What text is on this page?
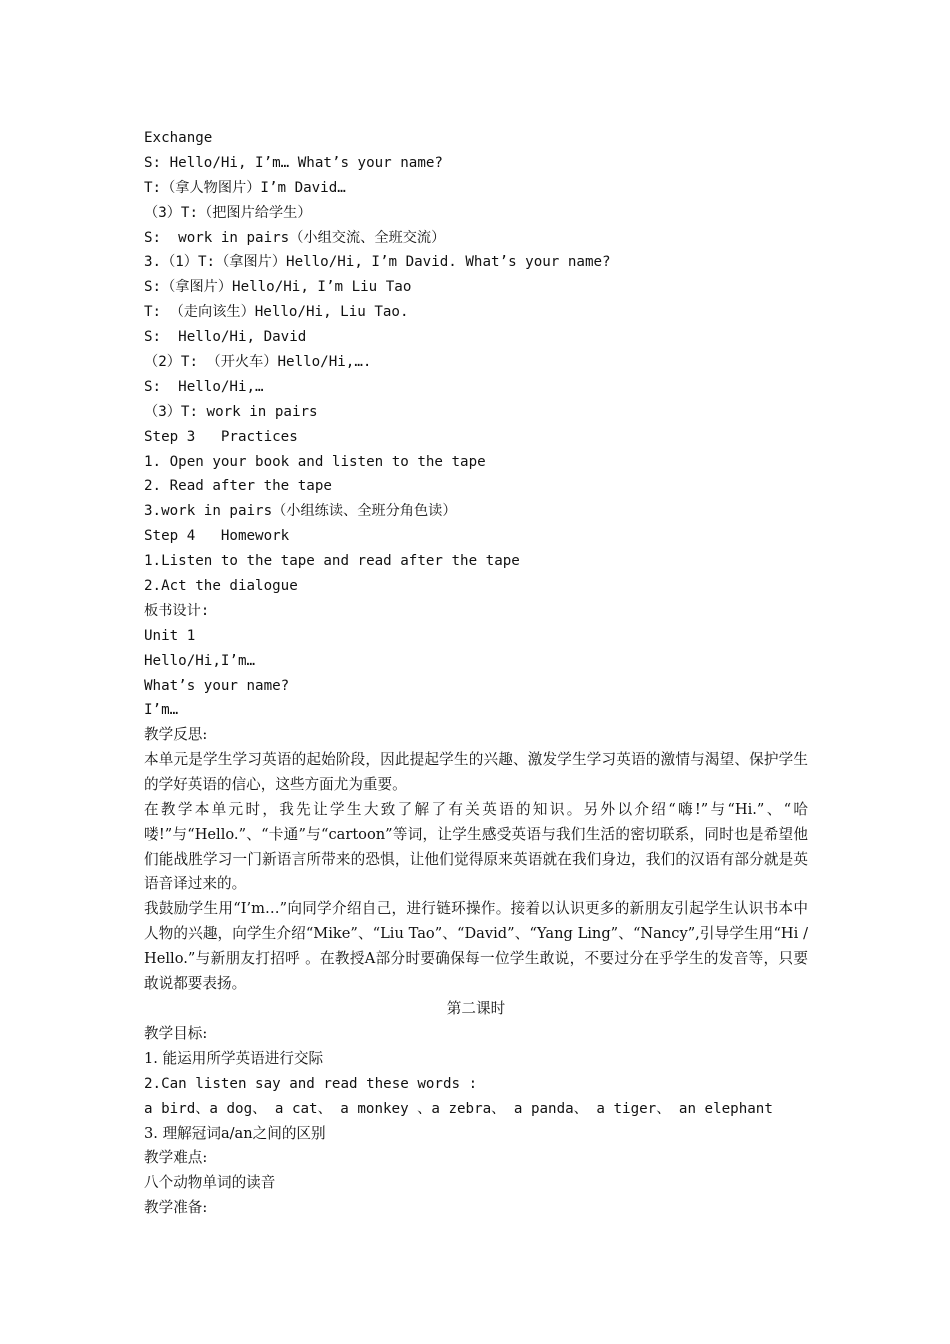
Exchange
S: Hello/Hi, I’m… What’s your name?
T:（拿人物图片）I’m David…
（3）T:（把图片给学生）
S:  work in pairs（小组交流、全班交流）
3.（1）T:（拿图片）Hello/Hi, I’m David. What’s your name?
S:（拿图片）Hello/Hi, I’m Liu Tao
T: （走向该生）Hello/Hi, Liu Tao.
S:  Hello/Hi, David
（2）T: （开火车）Hello/Hi,….
S:  Hello/Hi,…
（3）T: work in pairs
Step 3   Practices
1. Open your book and listen to the tape
2. Read after the tape
3.work in pairs（小组练读、全班分角色读）
Step 4   Homework
1.Listen to the tape and read after the tape
2.Act the dialogue
板书设计:
Unit 1
Hello/Hi,I’m…
What’s your name?
I’m…
教学反思:
本单元是学生学习英语的起始阶段，因此提起学生的兴趣、激发学生学习英语的激情与渴望、保护学生的学好英语的信心，这些方面尤为重要。
在教学本单元时，我先让学生大致了解了有关英语的知识。另外以介绍“嗨!”与“Hi.”、“哈喽!”与“Hello.”、“卡通”与“cartoon”等词，让学生感受英语与我们生活的密切联系，同时也是希望他们能战胜学习一门新语言所带来的恐惧，让他们觉得原来英语就在我们身边，我们的汉语有部分就是英语音译过来的。
我鼓励学生用“I’m…”向同学介绍自己，进行链环操作。接着以认识更多的新朋友引起学生认识书本中人物的兴趣，向学生介绍“Mike”、“Liu Tao”、“David”、“Yang Ling”、“Nancy”,引导学生用“Hi / Hello.”与新朋友打招呼 。在教授A部分时要确保每一位学生敢说，不要过分在乎学生的发音等，只要敢说都要表扬。
第二课时
教学目标:
1. 能运用所学英语进行交际
2.Can listen say and read these words :
a bird、a dog、 a cat、 a monkey 、a zebra、 a panda、 a tiger、 an elephant
3. 理解冠词a/an之间的区别
教学难点:
八个动物单词的读音
教学准备:
